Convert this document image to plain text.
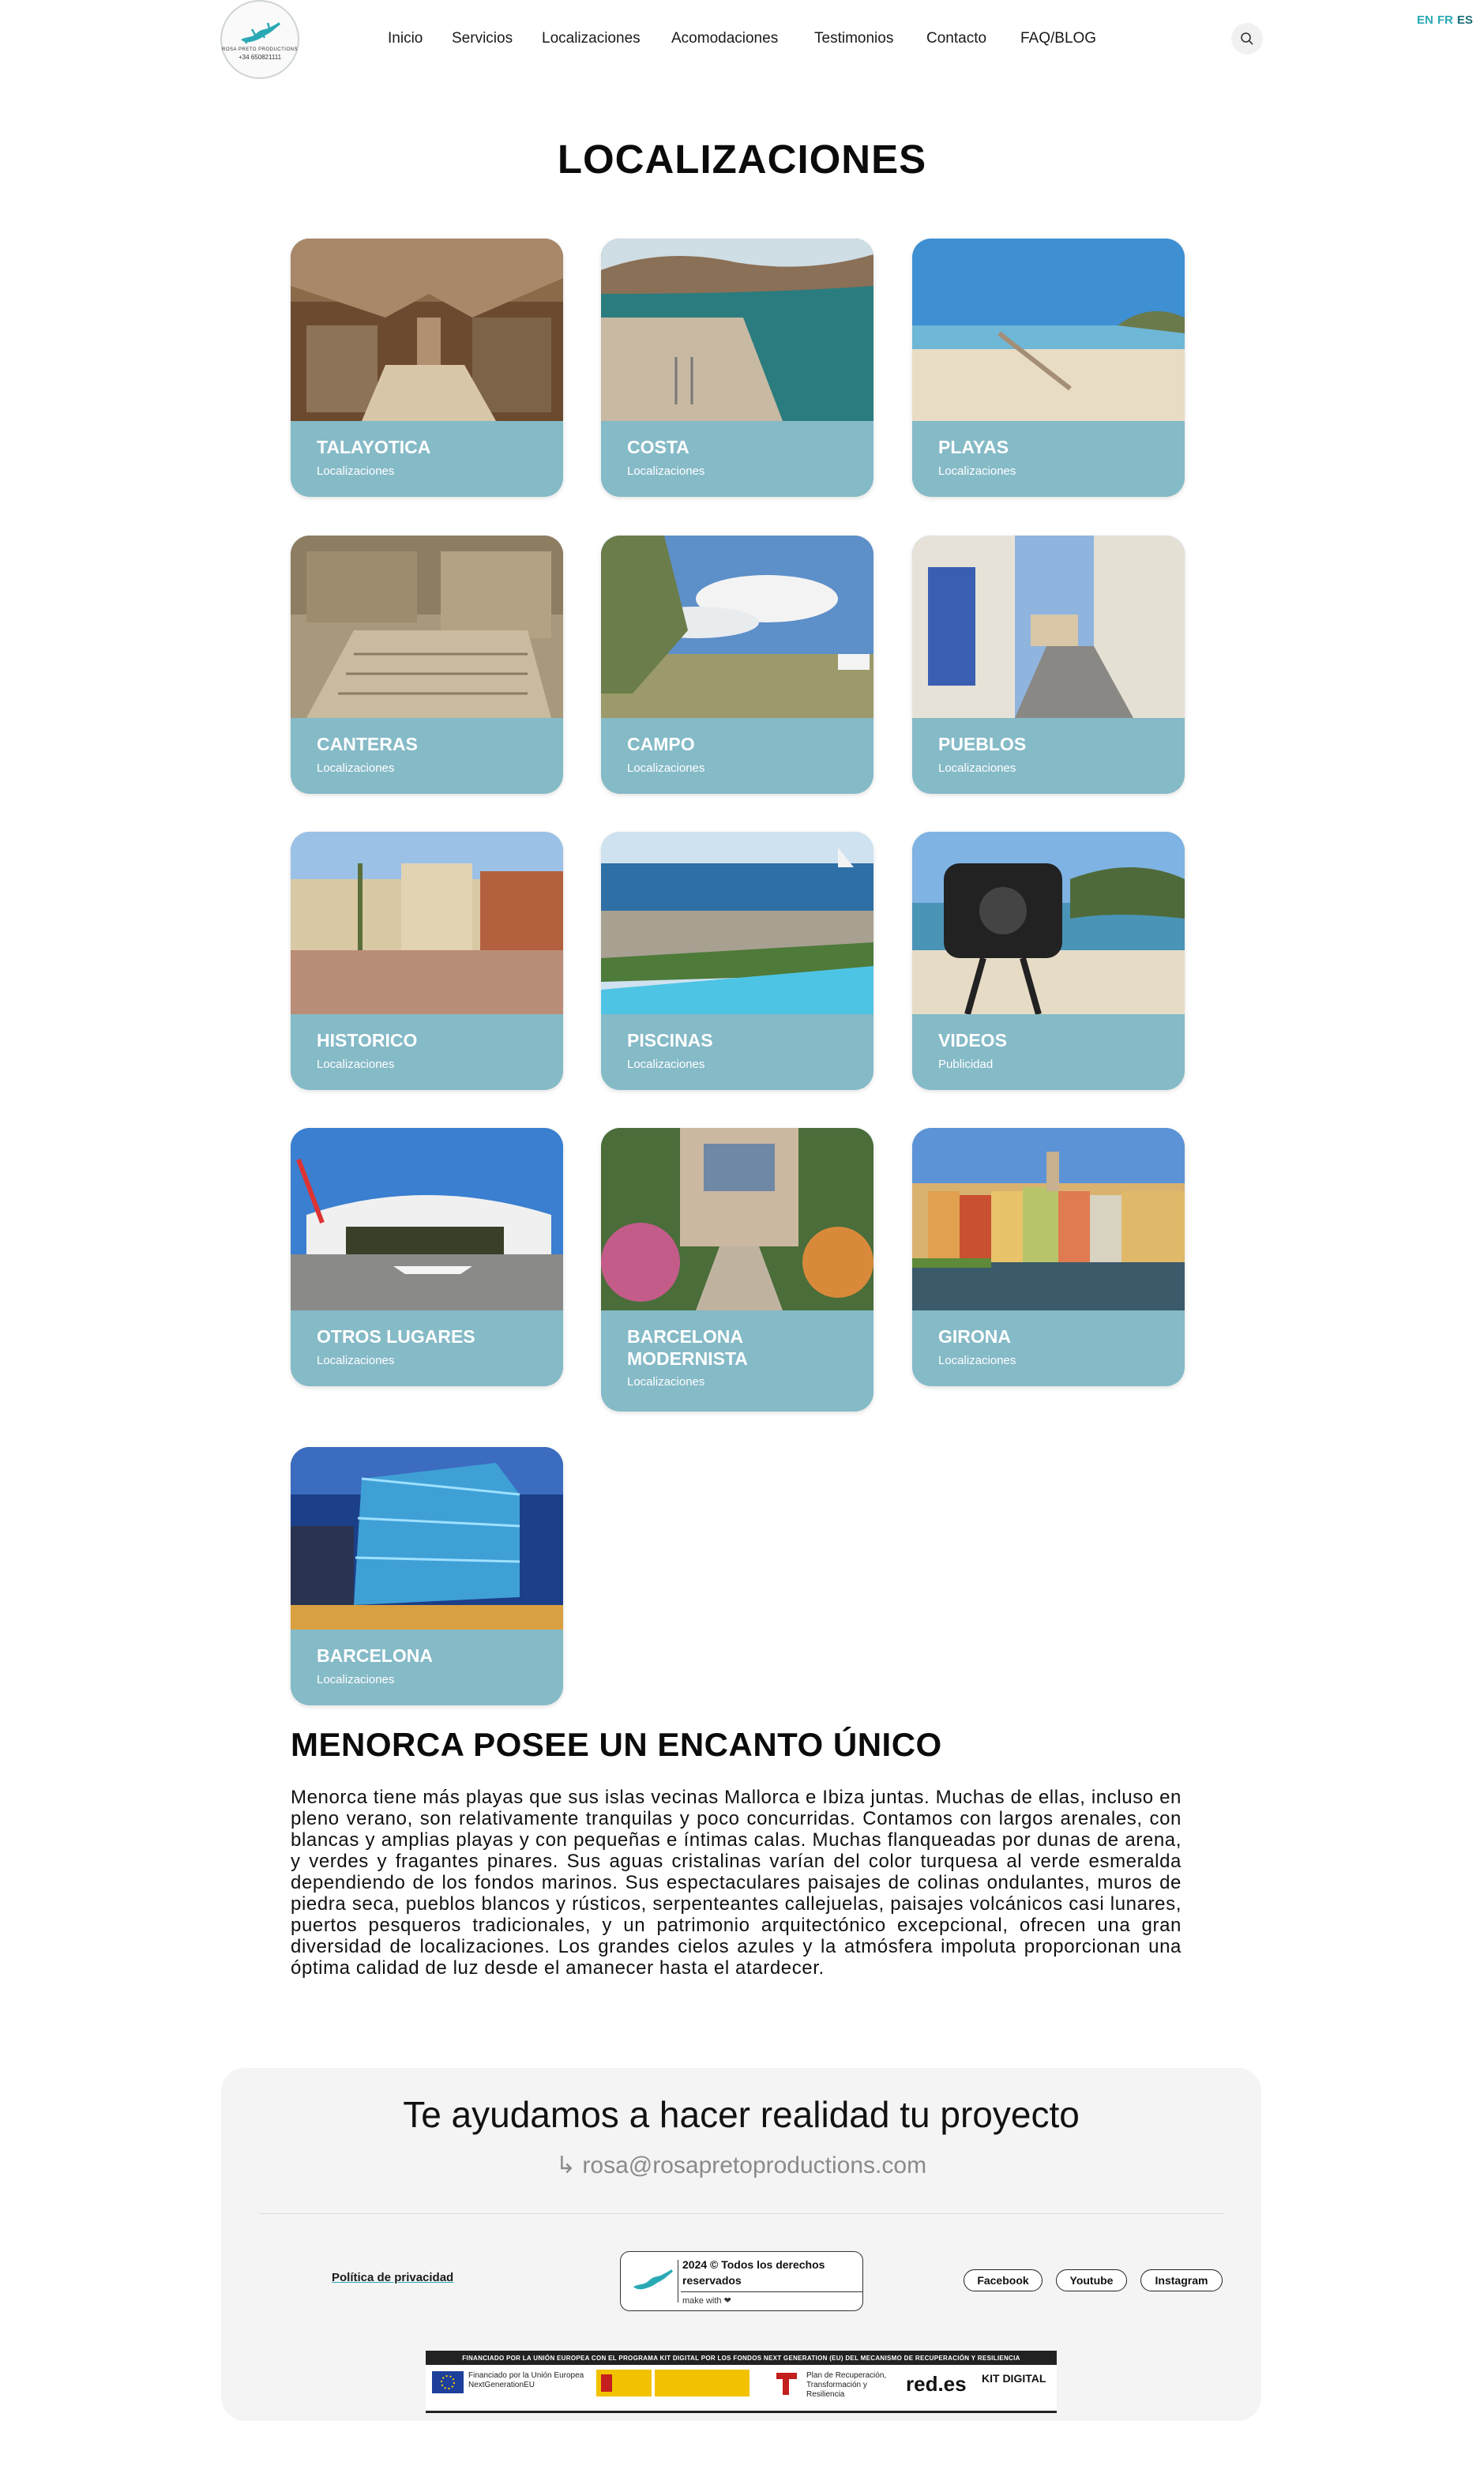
ROSA PRETO PRODUCTIONS
+34 650821111
Inicio Servicios Localizaciones Acomodaciones Testimonios Contacto FAQ/BLOG
EN FR ES
LOCALIZACIONES
TALAYOTICA
Localizaciones
COSTA
Localizaciones
PLAYAS
Localizaciones
CANTERAS
Localizaciones
CAMPO
Localizaciones
PUEBLOS
Localizaciones
HISTORICO
Localizaciones
PISCINAS
Localizaciones
VIDEOS
Publicidad
OTROS LUGARES
Localizaciones
BARCELONA MODERNISTA
Localizaciones
GIRONA
Localizaciones
BARCELONA
Localizaciones
MENORCA POSEE UN ENCANTO ÚNICO
Menorca tiene más playas que sus islas vecinas Mallorca e Ibiza juntas. Muchas de ellas, incluso en pleno verano, son relativamente tranquilas y poco concurridas. Contamos con largos arenales, con blancas y amplias playas y con pequeñas e íntimas calas. Muchas flanqueadas por dunas de arena, y verdes y fragantes pinares. Sus aguas cristalinas varían del color turquesa al verde esmeralda dependiendo de los fondos marinos. Sus espectaculares paisajes de colinas ondulantes, muros de piedra seca, pueblos blancos y rústicos, serpenteantes callejuelas, paisajes volcánicos casi lunares, puertos pesqueros tradicionales, y un patrimonio arquitectónico excepcional, ofrecen una gran diversidad de localizaciones. Los grandes cielos azules y la atmósfera impoluta proporcionan una óptima calidad de luz desde el amanecer hasta el atardecer.
Te ayudamos a hacer realidad tu proyecto
↳ rosa@rosapretoproductions.com
Política de privacidad
2024 © Todos los derechos reservados
make with ❤
Facebook	Youtube	Instagram
FINANCIADO POR LA UNIÓN EUROPEA CON EL PROGRAMA KIT DIGITAL POR LOS FONDOS NEXT GENERATION (EU) DEL MECANISMO DE RECUPERACIÓN Y RESILIENCIA
Financiado por la Unión Europea NextGenerationEU
Plan de Recuperación, Transformación y Resiliencia	red.es KIT DIGITAL
